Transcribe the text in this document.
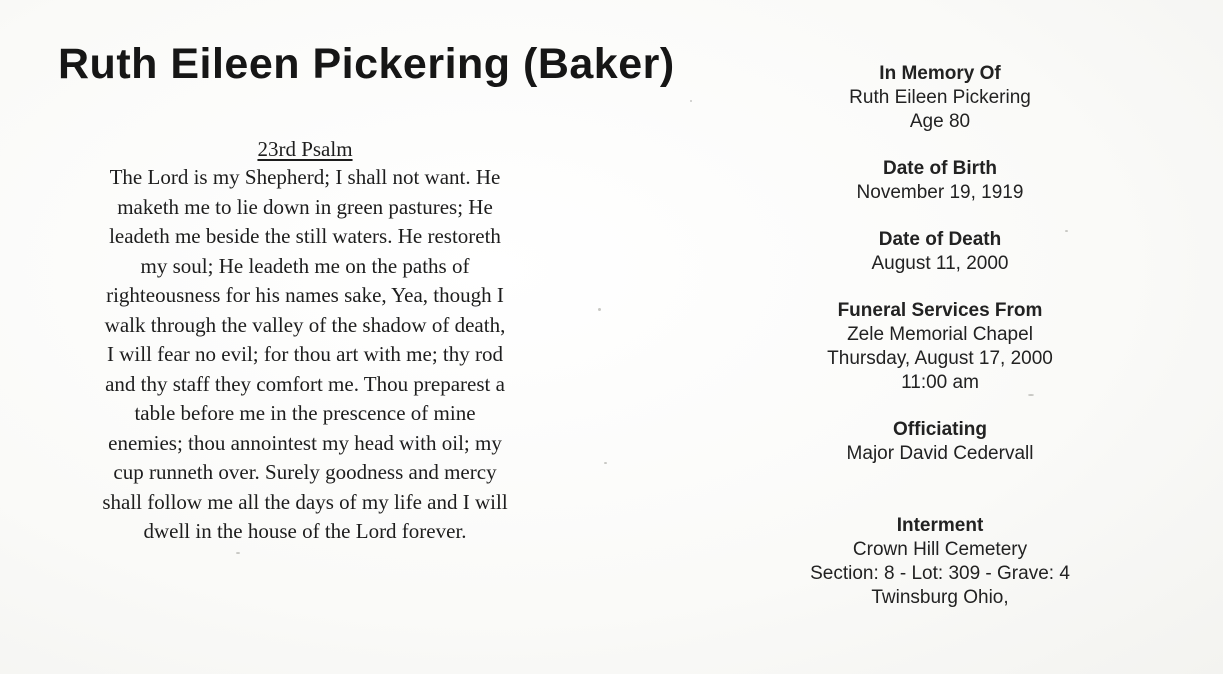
Ruth Eileen Pickering (Baker)
23rd Psalm
The Lord is my Shepherd; I shall not want. He
maketh me to lie down in green pastures; He
leadeth me beside the still waters. He restoreth
my soul; He leadeth me on the paths of
righteousness for his names sake, Yea, though I
walk through the valley of the shadow of death,
I will fear no evil; for thou art with me; thy rod
and thy staff they comfort me. Thou preparest a
table before me in the prescence of mine
enemies; thou annointest my head with oil; my
cup runneth over. Surely goodness and mercy
shall follow me all the days of my life and I will
dwell in the house of the Lord forever.
In Memory Of
Ruth Eileen Pickering
Age 80
Date of Birth
November 19, 1919
Date of Death
August 11, 2000
Funeral Services From
Zele Memorial Chapel
Thursday, August 17, 2000
11:00 am
Officiating
Major David Cedervall
Interment
Crown Hill Cemetery
Section: 8 - Lot: 309 - Grave: 4
Twinsburg Ohio,
